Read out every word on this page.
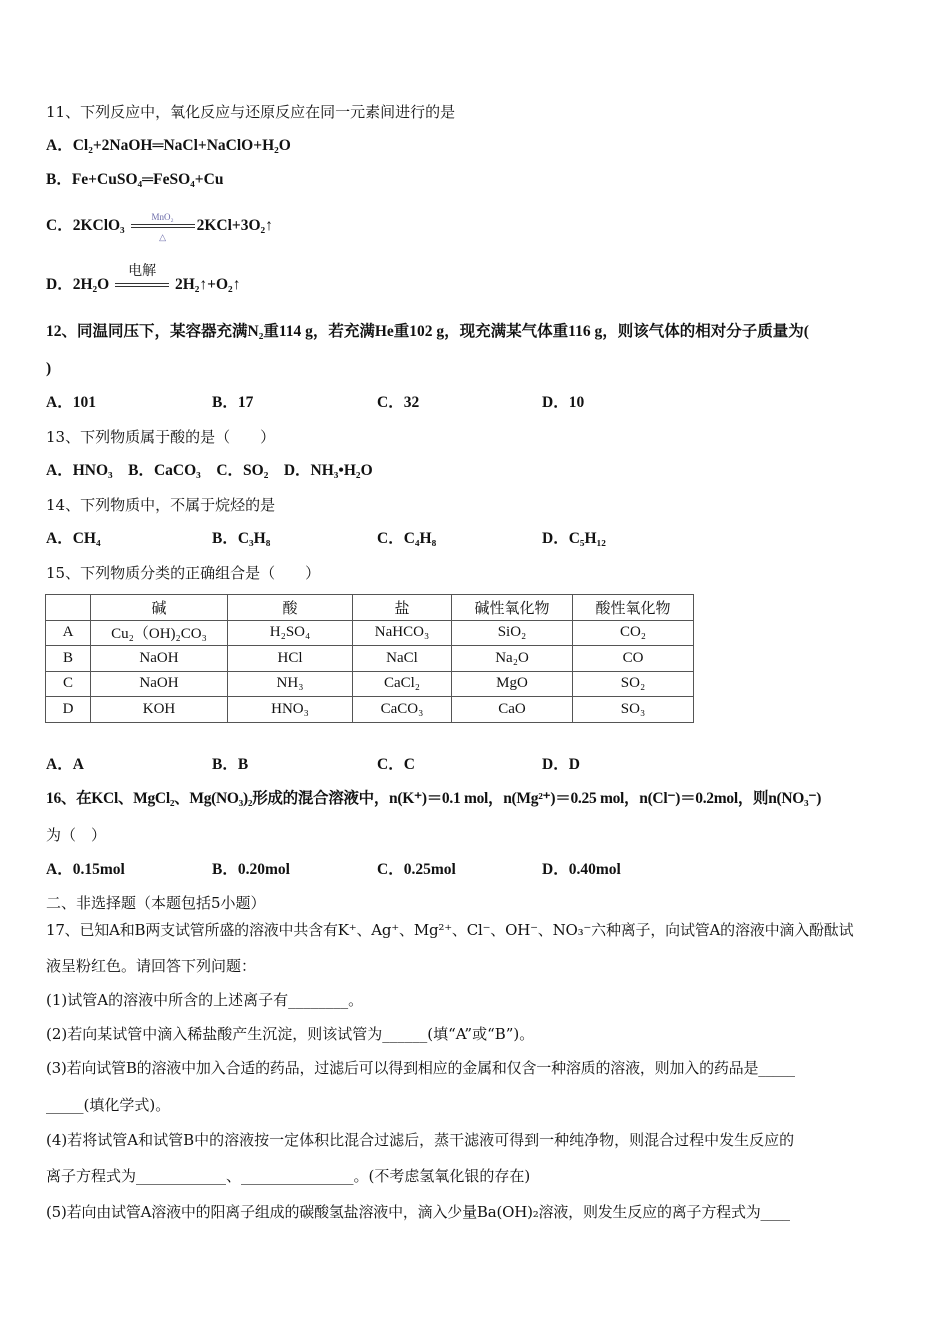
11、下列反应中，氧化反应与还原反应在同一元素间进行的是
A．Cl₂+2NaOH═NaCl+NaClO+H₂O
B．Fe+CuSO₄═FeSO₄+Cu
C．2KClO₃	MnO₂
△
2KCl+3O₂↑
D．2H₂O
电解
2H₂↑+O₂↑
12、同温同压下，某容器充满N₂重114 g，若充满He重102 g，现充满某气体重116 g，则该气体的相对分子质量为(
)
A．101	B．17	C．32	D．10
13、下列物质属于酸的是（　　）
A．HNO₃　B．CaCO₃　C．SO₂　D．NH₃•H₂O
14、下列物质中，不属于烷烃的是
A．CH₄	B．C₃H₈	C．C₄H₈	D．C₅H₁₂
15、下列物质分类的正确组合是（　　）
	碱	酸	盐	碱性氧化物	酸性氧化物
A	Cu₂（OH)₂CO₃	H₂SO₄	NaHCO₃	SiO₂	CO₂
B	NaOH	HCl	NaCl	Na₂O	CO
C	NaOH	NH₃	CaCl₂	MgO	SO₂
D	KOH	HNO₃	CaCO₃	CaO	SO₃
A．A	B．B	C．C	D．D
16、在KCl、MgCl₂、Mg(NO₃)₂形成的混合溶液中，n(K⁺)＝0.1 mol，n(Mg²⁺)＝0.25 mol，n(Cl⁻)＝0.2mol，则n(NO₃⁻)
为（　）
A．0.15mol	B．0.20mol	C．0.25mol	D．0.40mol
二、非选择题（本题包括5小题）
17、已知A和B两支试管所盛的溶液中共含有K⁺、Ag⁺、Mg²⁺、Cl⁻、OH⁻、NO₃⁻六种离子，向试管A的溶液中滴入酚酞试
液呈粉红色。请回答下列问题：
(1)试管A的溶液中所含的上述离子有________。
(2)若向某试管中滴入稀盐酸产生沉淀，则该试管为______(填“A”或“B”)。
(3)若向试管B的溶液中加入合适的药品，过滤后可以得到相应的金属和仅含一种溶质的溶液，则加入的药品是_____
_____(填化学式)。
(4)若将试管A和试管B中的溶液按一定体积比混合过滤后，蒸干滤液可得到一种纯净物，则混合过程中发生反应的
离子方程式为____________、_______________。(不考虑氢氧化银的存在)
(5)若向由试管A溶液中的阳离子组成的碳酸氢盐溶液中，滴入少量Ba(OH)₂溶液，则发生反应的离子方程式为____
